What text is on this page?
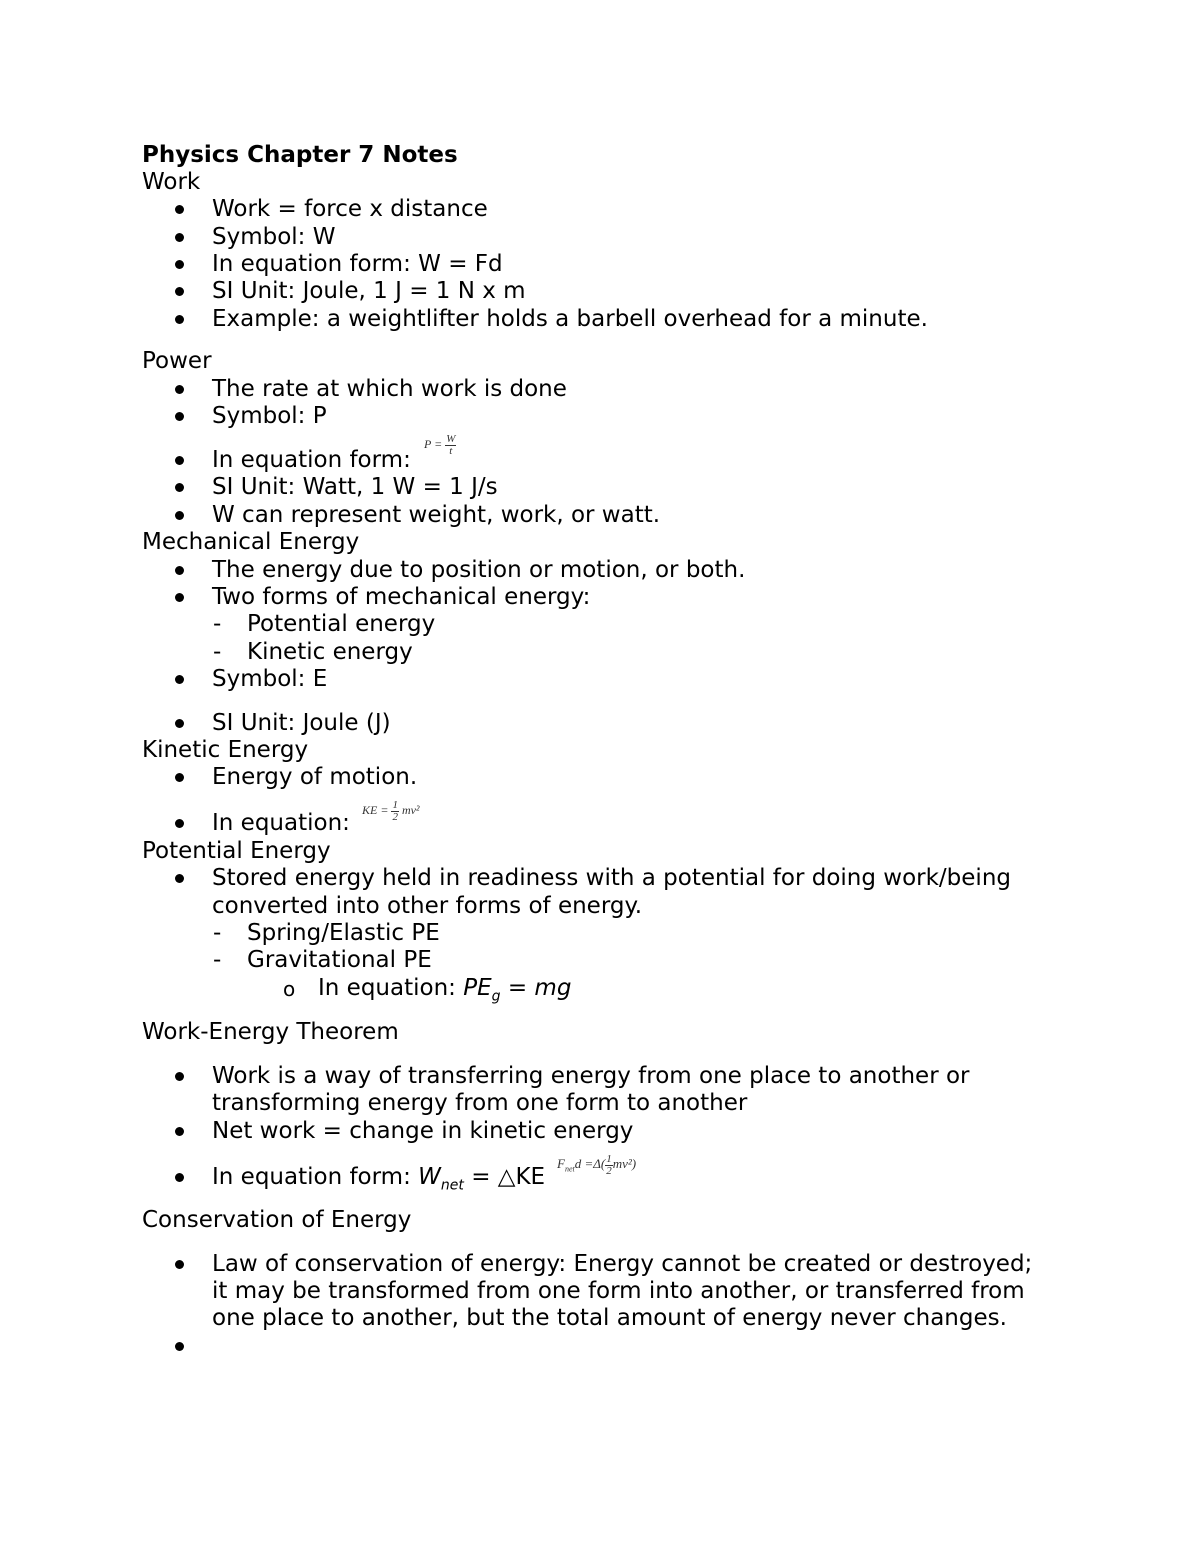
Physics Chapter 7 Notes
Work
Work = force x distance
Symbol: W
In equation form: W = Fd
SI Unit: Joule, 1 J = 1 N x m
Example: a weightlifter holds a barbell overhead for a minute.
Power
The rate at which work is done
Symbol: P
In equation form:
$P = \frac{W}{t}$
SI Unit: Watt, 1 W = 1 J/s
W can represent weight, work, or watt.
Mechanical Energy
The energy due to position or motion, or both.
Two forms of mechanical energy:
- Potential energy
- Kinetic energy
Symbol: E
SI Unit: Joule (J)
Kinetic Energy
Energy of motion.
In equation: KE = $\frac{1}{2} mv^2$
Potential Energy
Stored energy held in readiness with a potential for doing work/being
converted into other forms of energy.
- Spring/Elastic PE
- Gravitational PE
o In equation: $PE_g$ = mg
Work-Energy Theorem
Work is a way of transferring energy from one place to another or
transforming energy from one form to another
Net work = change in kinetic energy
In equation form: $W_{net}$ = △KE
$F_{net}d =\Delta( \frac{1}{2} mv^2)$
Conservation of Energy
Law of conservation of energy: Energy cannot be created or destroyed;
it may be transformed from one form into another, or transferred from
one place to another, but the total amount of energy never changes.
